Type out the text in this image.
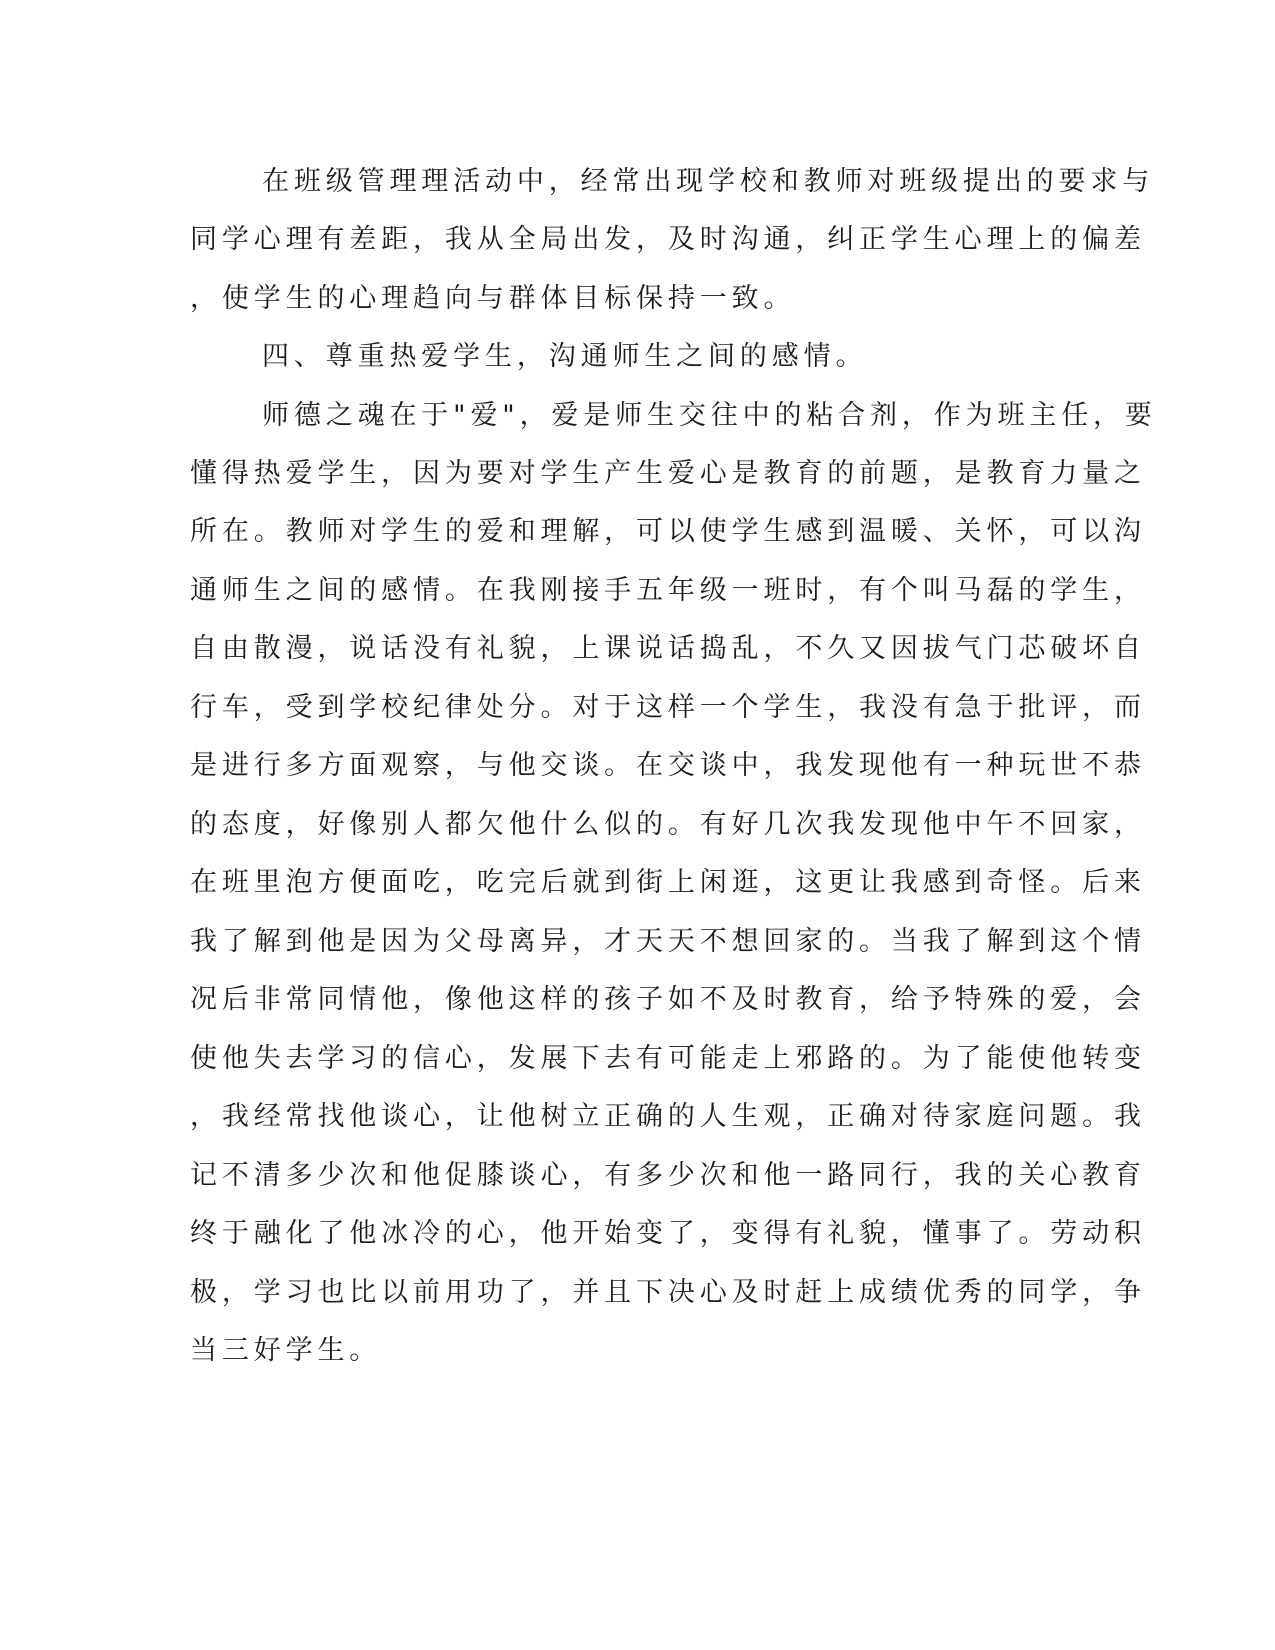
在班级管理理活动中，经常出现学校和教师对班级提出的要求与
同学心理有差距，我从全局出发，及时沟通，纠正学生心理上的偏差
，使学生的心理趋向与群体目标保持一致。
四、尊重热爱学生，沟通师生之间的感情。
师德之魂在于"爱"，爱是师生交往中的粘合剂，作为班主任，要
懂得热爱学生，因为要对学生产生爱心是教育的前题，是教育力量之
所在。教师对学生的爱和理解，可以使学生感到温暖、关怀，可以沟
通师生之间的感情。在我刚接手五年级一班时，有个叫马磊的学生，
自由散漫，说话没有礼貌，上课说话捣乱，不久又因拔气门芯破坏自
行车，受到学校纪律处分。对于这样一个学生，我没有急于批评，而
是进行多方面观察，与他交谈。在交谈中，我发现他有一种玩世不恭
的态度，好像别人都欠他什么似的。有好几次我发现他中午不回家，
在班里泡方便面吃，吃完后就到街上闲逛，这更让我感到奇怪。后来
我了解到他是因为父母离异，才天天不想回家的。当我了解到这个情
况后非常同情他，像他这样的孩子如不及时教育，给予特殊的爱，会
使他失去学习的信心，发展下去有可能走上邪路的。为了能使他转变
，我经常找他谈心，让他树立正确的人生观，正确对待家庭问题。我
记不清多少次和他促膝谈心，有多少次和他一路同行，我的关心教育
终于融化了他冰冷的心，他开始变了，变得有礼貌，懂事了。劳动积
极，学习也比以前用功了，并且下决心及时赶上成绩优秀的同学，争
当三好学生。
